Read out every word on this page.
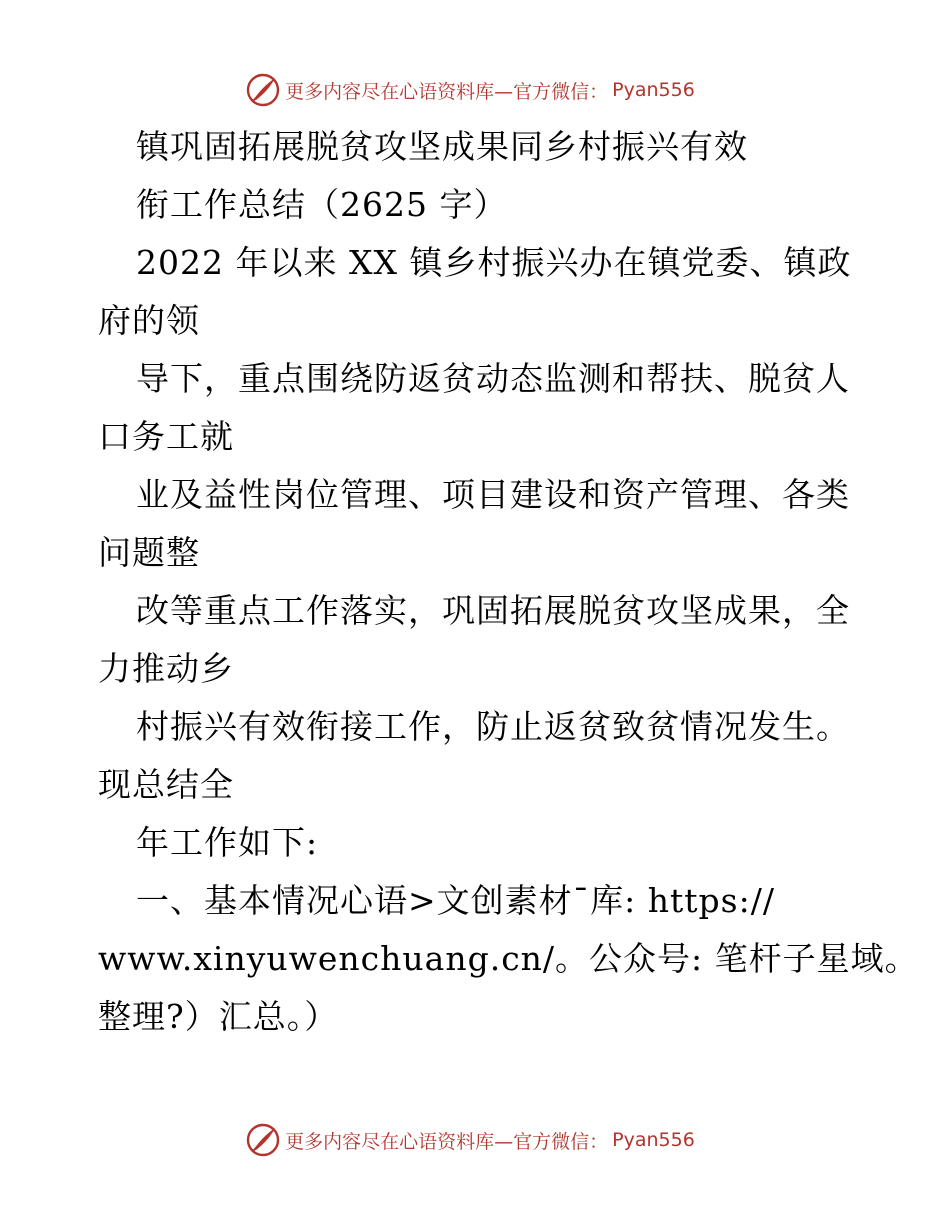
更多内容尽在心语资料库—官方微信： Pyan556
镇巩固拓展脱贫攻坚成果同乡村振兴有效
衔工作总结（2625 字）
2022 年以来 XX 镇乡村振兴办在镇党委、镇政
府的领
导下，重点围绕防返贫动态监测和帮扶、脱贫人
口务工就
业及益性岗位管理、项目建设和资产管理、各类
问题整
改等重点工作落实，巩固拓展脱贫攻坚成果，全
力推动乡
村振兴有效衔接工作，防止返贫致贫情况发生。
现总结全
年工作如下:
一、基本情况心语>文创素材¯库: https://
www.xinyuwenchuang.cn/。公众号: 笔杆子星域。
整理?）汇总。）
更多内容尽在心语资料库—官方微信： Pyan556
